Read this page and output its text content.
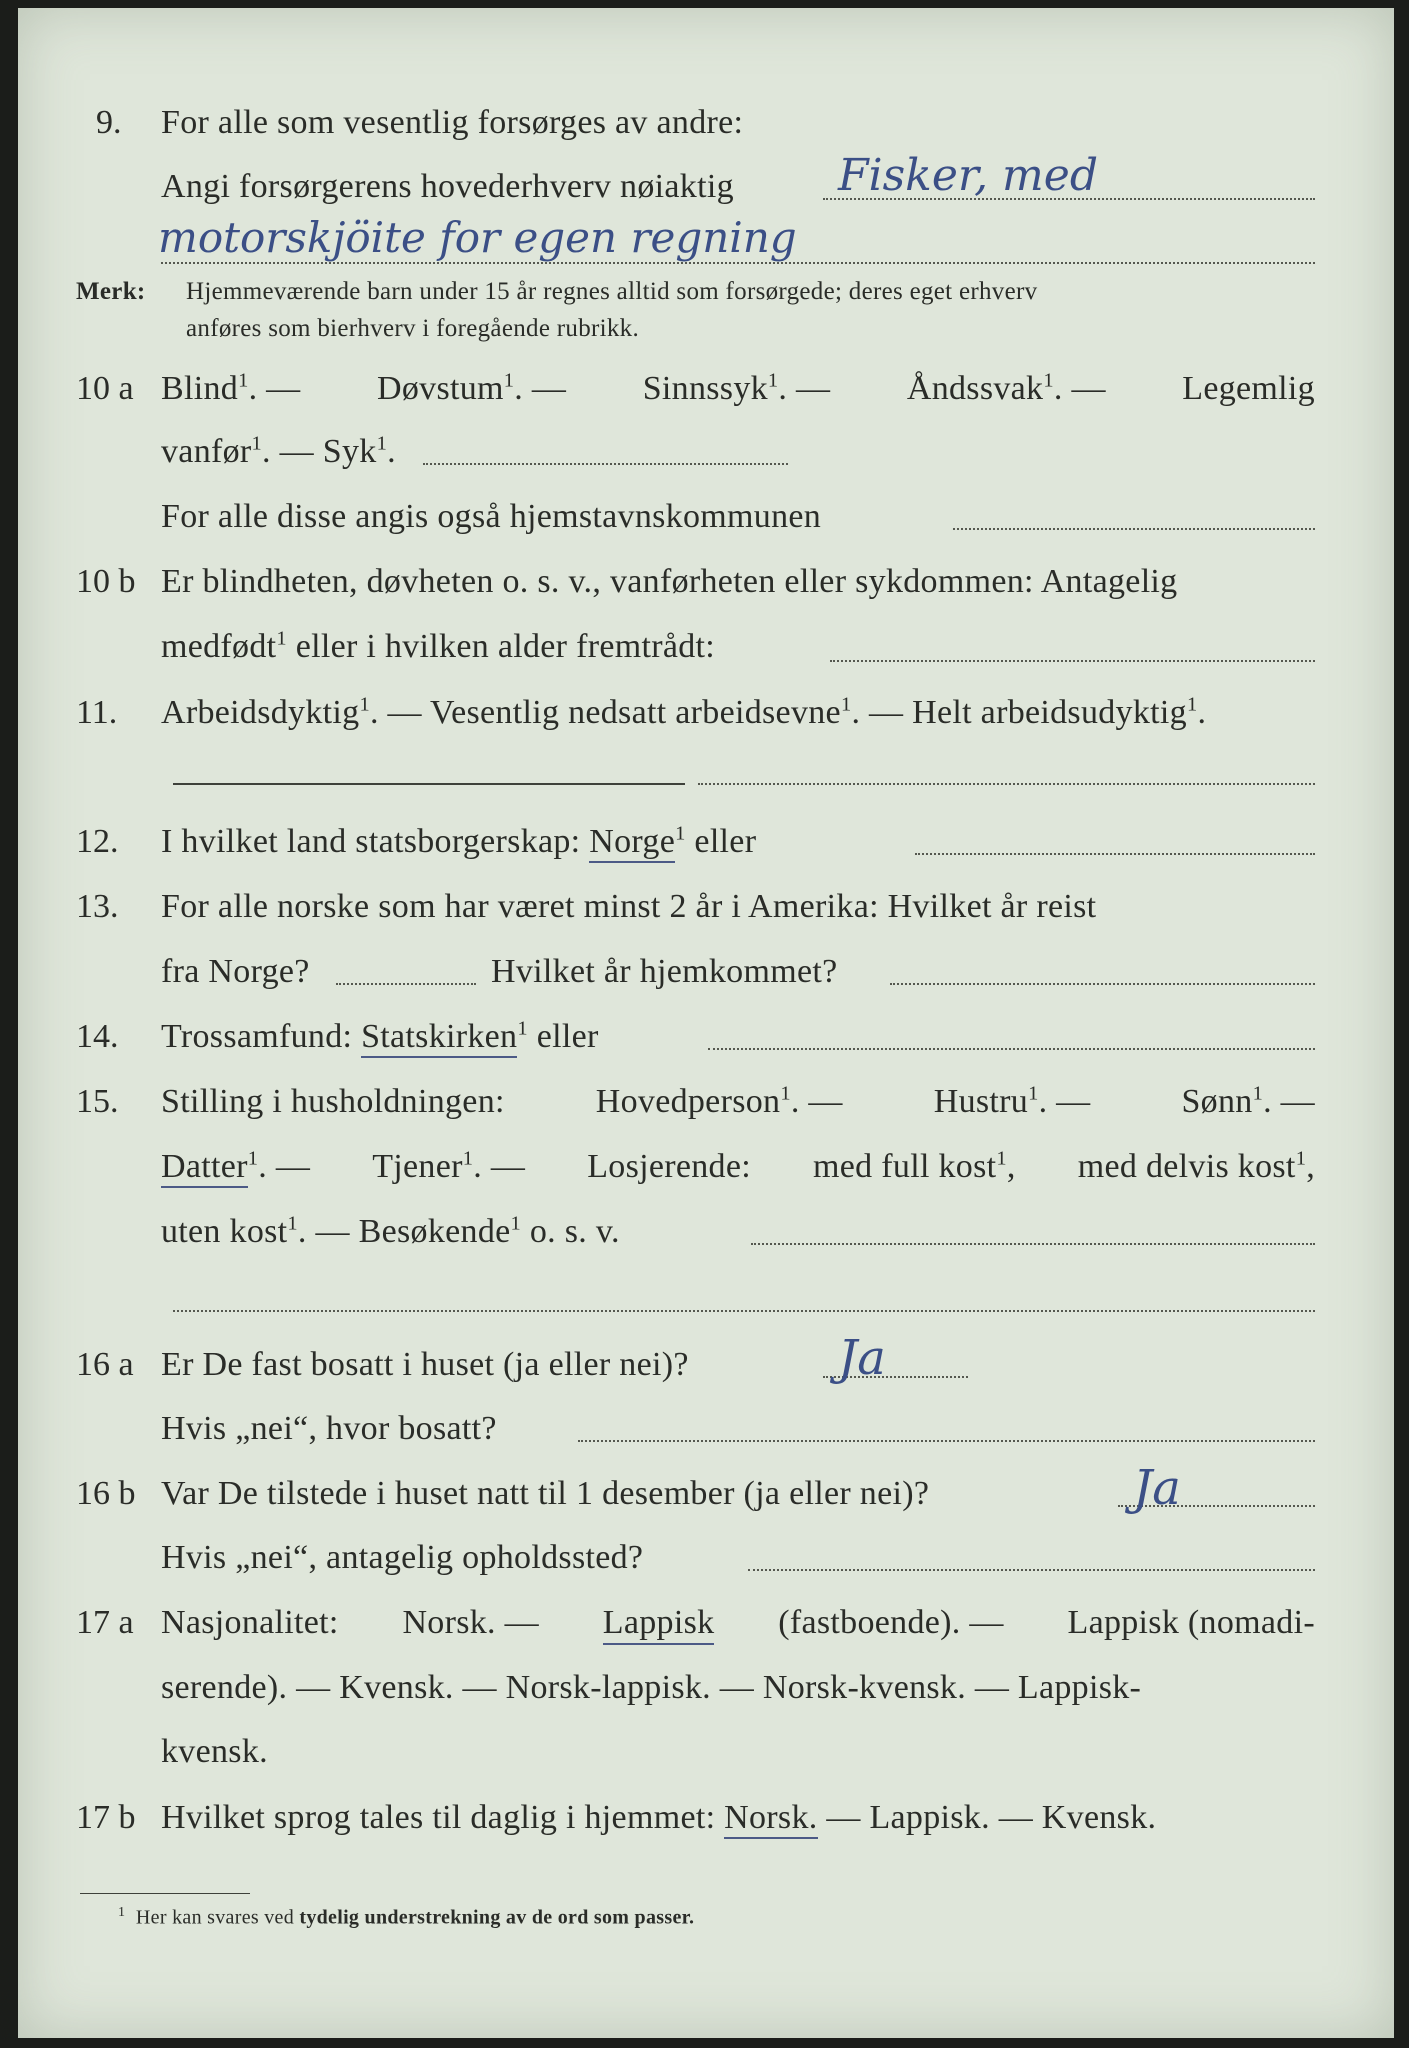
9. For alle som vesentlig forsørges av andre:
Angi forsørgerens hovederhverv nøiaktig Fisker, med
motorskjöite for egen regning
Merk: Hjemmeværende barn under 15 år regnes alltid som forsørgede; deres eget erhverv
anføres som bierhverv i foregående rubrikk.
10 a Blind$^1$. — Døvstum$^1$. — Sinnssyk$^1$. — Åndssvak$^1$. — Legemlig
vanfør$^1$. — Syk$^1$.
For alle disse angis også hjemstavnskommunen
10 b Er blindheten, døvheten o. s. v., vanførheten eller sykdommen: Antagelig
medfødt$^1$ eller i hvilken alder fremtrådt:
11. Arbeidsdyktig$^1$. — Vesentlig nedsatt arbeidsevne$^1$. — Helt arbeidsudyktig$^1$.
12. I hvilket land statsborgerskap: Norge$^1$ eller
13. For alle norske som har været minst 2 år i Amerika: Hvilket år reist
fra Norge?	Hvilket år hjemkommet?
14. Trossamfund: Statskirken$^1$ eller
15. Stilling i husholdningen:	Hovedperson$^1$. —	Hustru$^1$. —	Sønn$^1$. —
Datter$^1$. — Tjener$^1$. — Losjerende: med full kost$^1$, med delvis kost$^1$,
uten kost$^1$. — Besøkende$^1$ o. s. v.
16 a Er De fast bosatt i huset (ja eller nei)?	Ja
Hvis „nei“, hvor bosatt?
16 b Var De tilstede i huset natt til 1 desember (ja eller nei)?	Ja
Hvis „nei“, antagelig opholdssted?
17 a Nasjonalitet: Norsk. — Lappisk (fastboende). — Lappisk (nomadi-
serende). — Kvensk. — Norsk-lappisk. — Norsk-kvensk. — Lappisk-
kvensk.
17 b Hvilket sprog tales til daglig i hjemmet: Norsk. — Lappisk. — Kvensk.
$^1$ Her kan svares ved tydelig understrekning av de ord som passer.
